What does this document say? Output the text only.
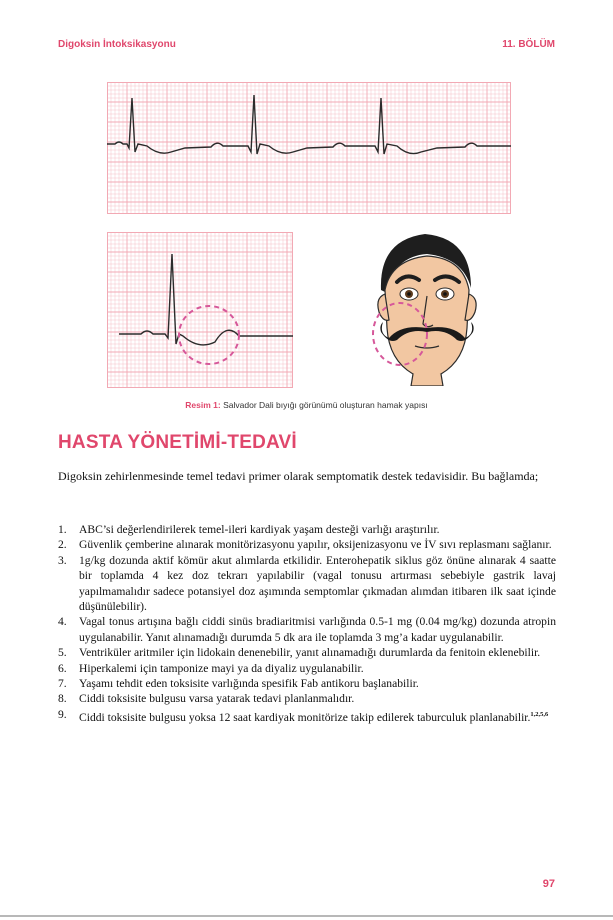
Digoksin İntoksikasyonu	11. BÖLÜM
Resim 1: Salvador Dali bıyığı görünümü oluşturan hamak yapısı
HASTA YÖNETİMİ-TEDAVİ
Digoksin zehirlenmesinde temel tedavi primer olarak semptomatik destek tedavisidir. Bu bağlamda;
1. ABC’si değerlendirilerek temel-ileri kardiyak yaşam desteği varlığı araştırılır.
2. Güvenlik çemberine alınarak monitörizasyonu yapılır, oksijenizasyonu ve İV sıvı replasmanı sağlanır.
3. 1g/kg dozunda aktif kömür akut alımlarda etkilidir. Enterohepatik siklus göz önüne alınarak 4 saatte bir toplamda 4 kez doz tekrarı yapılabilir (vagal tonusu artırması sebebiyle gastrik lavaj yapılmamalıdır sadece potansiyel doz aşımında semptomlar çıkmadan alımdan itibaren ilk saat içinde düşünülebilir).
4. Vagal tonus artışına bağlı ciddi sinüs bradiaritmisi varlığında 0.5-1 mg (0.04 mg/kg) dozunda atropin uygulanabilir. Yanıt alınamadığı durumda 5 dk ara ile toplamda 3 mg’a kadar uygulanabilir.
5. Ventriküler aritmiler için lidokain denenebilir, yanıt alınamadığı durumlarda da fenitoin eklenebilir.
6. Hiperkalemi için tamponize mayi ya da diyaliz uygulanabilir.
7. Yaşamı tehdit eden toksisite varlığında spesifik Fab antikoru başlanabilir.
8. Ciddi toksisite bulgusu varsa yatarak tedavi planlanmalıdır.
9. Ciddi toksisite bulgusu yoksa 12 saat kardiyak monitörize takip edilerek taburculuk planlanabilir.$^{1,2,5,6}$
97
